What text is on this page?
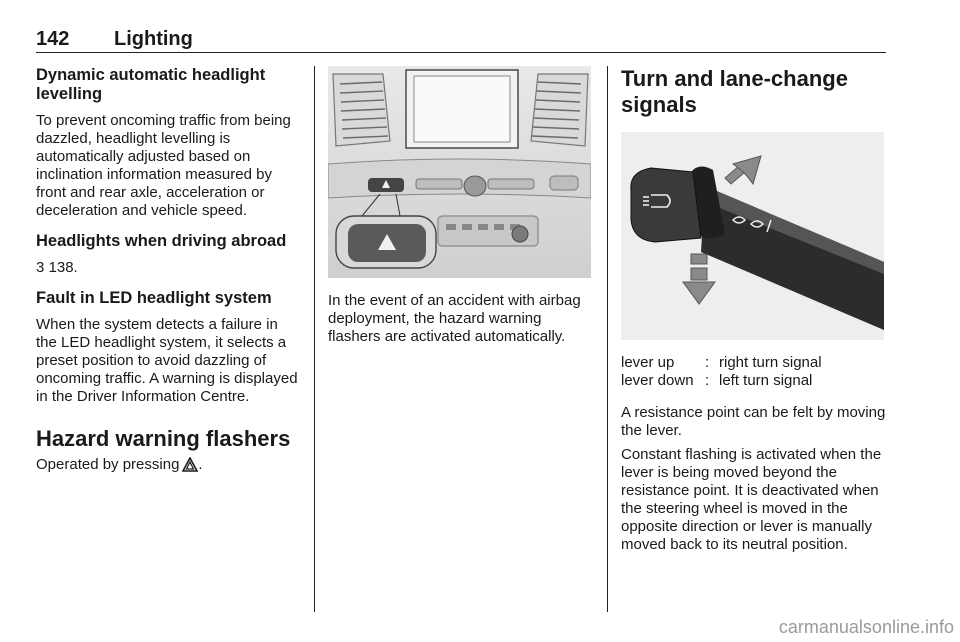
142 Lighting
Dynamic automatic headlight levelling

To prevent oncoming traffic from being dazzled, headlight levelling is automatically adjusted based on inclination information measured by front and rear axle, acceleration or deceleration and vehicle speed.

Headlights when driving abroad

3 138.

Fault in LED headlight system

When the system detects a failure in the LED headlight system, it selects a preset position to avoid dazzling of oncoming traffic. A warning is displayed in the Driver Information Centre.

Hazard warning flashers

Operated by pressing .

In the event of an accident with airbag deployment, the hazard warning flashers are activated automatically.

Turn and lane-change signals
lever up	:	right turn signal
lever down	:	left turn signal

A resistance point can be felt by moving the lever.

Constant flashing is activated when the lever is being moved beyond the resistance point. It is deactivated when the steering wheel is moved in the opposite direction or lever is manually moved back to its neutral position.

carmanualsonline.info
